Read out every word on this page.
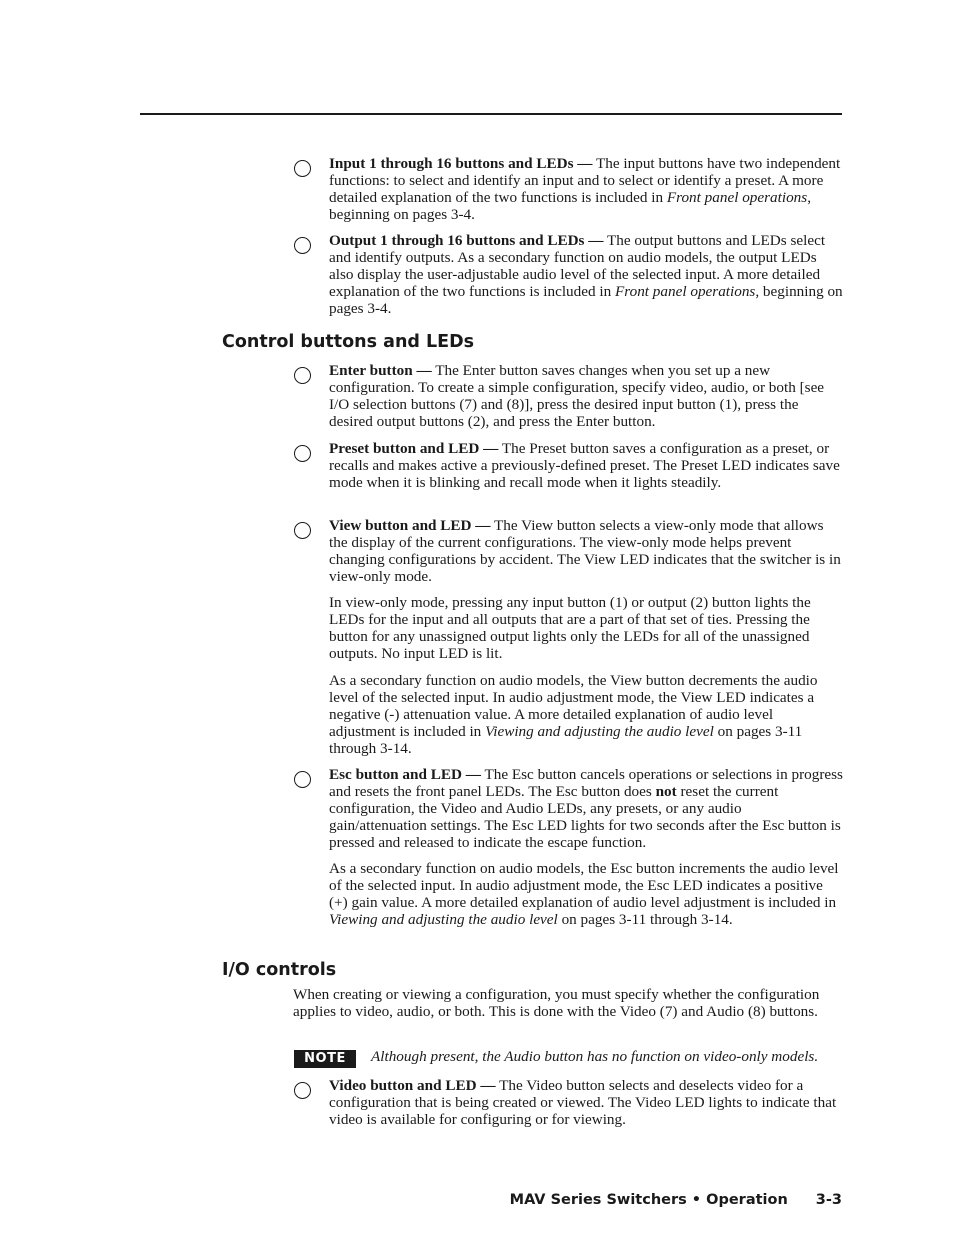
Input 1 through 16 buttons and LEDs — The input buttons have two independent functions: to select and identify an input and to select or identify a preset. A more detailed explanation of the two functions is included in Front panel operations, beginning on pages 3-4.

Output 1 through 16 buttons and LEDs — The output buttons and LEDs select and identify outputs. As a secondary function on audio models, the output LEDs also display the user-adjustable audio level of the selected input. A more detailed explanation of the two functions is included in Front panel operations, beginning on pages 3-4.

Control buttons and LEDs

Enter button — The Enter button saves changes when you set up a new configuration. To create a simple configuration, specify video, audio, or both [see I/O selection buttons (7) and (8)], press the desired input button (1), press the desired output buttons (2), and press the Enter button.

Preset button and LED — The Preset button saves a configuration as a preset, or recalls and makes active a previously-defined preset. The Preset LED indicates save mode when it is blinking and recall mode when it lights steadily.

View button and LED — The View button selects a view-only mode that allows the display of the current configurations. The view-only mode helps prevent changing configurations by accident. The View LED indicates that the switcher is in view-only mode.

In view-only mode, pressing any input button (1) or output (2) button lights the LEDs for the input and all outputs that are a part of that set of ties. Pressing the button for any unassigned output lights only the LEDs for all of the unassigned outputs. No input LED is lit.

As a secondary function on audio models, the View button decrements the audio level of the selected input. In audio adjustment mode, the View LED indicates a negative (-) attenuation value. A more detailed explanation of audio level adjustment is included in Viewing and adjusting the audio level on pages 3-11 through 3-14.

Esc button and LED — The Esc button cancels operations or selections in progress and resets the front panel LEDs. The Esc button does not reset the current configuration, the Video and Audio LEDs, any presets, or any audio gain/attenuation settings. The Esc LED lights for two seconds after the Esc button is pressed and released to indicate the escape function.

As a secondary function on audio models, the Esc button increments the audio level of the selected input. In audio adjustment mode, the Esc LED indicates a positive (+) gain value. A more detailed explanation of audio level adjustment is included in Viewing and adjusting the audio level on pages 3-11 through 3-14.

I/O controls

When creating or viewing a configuration, you must specify whether the configuration applies to video, audio, or both. This is done with the Video (7) and Audio (8) buttons.

NOTE	Although present, the Audio button has no function on video-only models.

Video button and LED — The Video button selects and deselects video for a configuration that is being created or viewed. The Video LED lights to indicate that video is available for configuring or for viewing.

MAV Series Switchers • Operation 3-3
